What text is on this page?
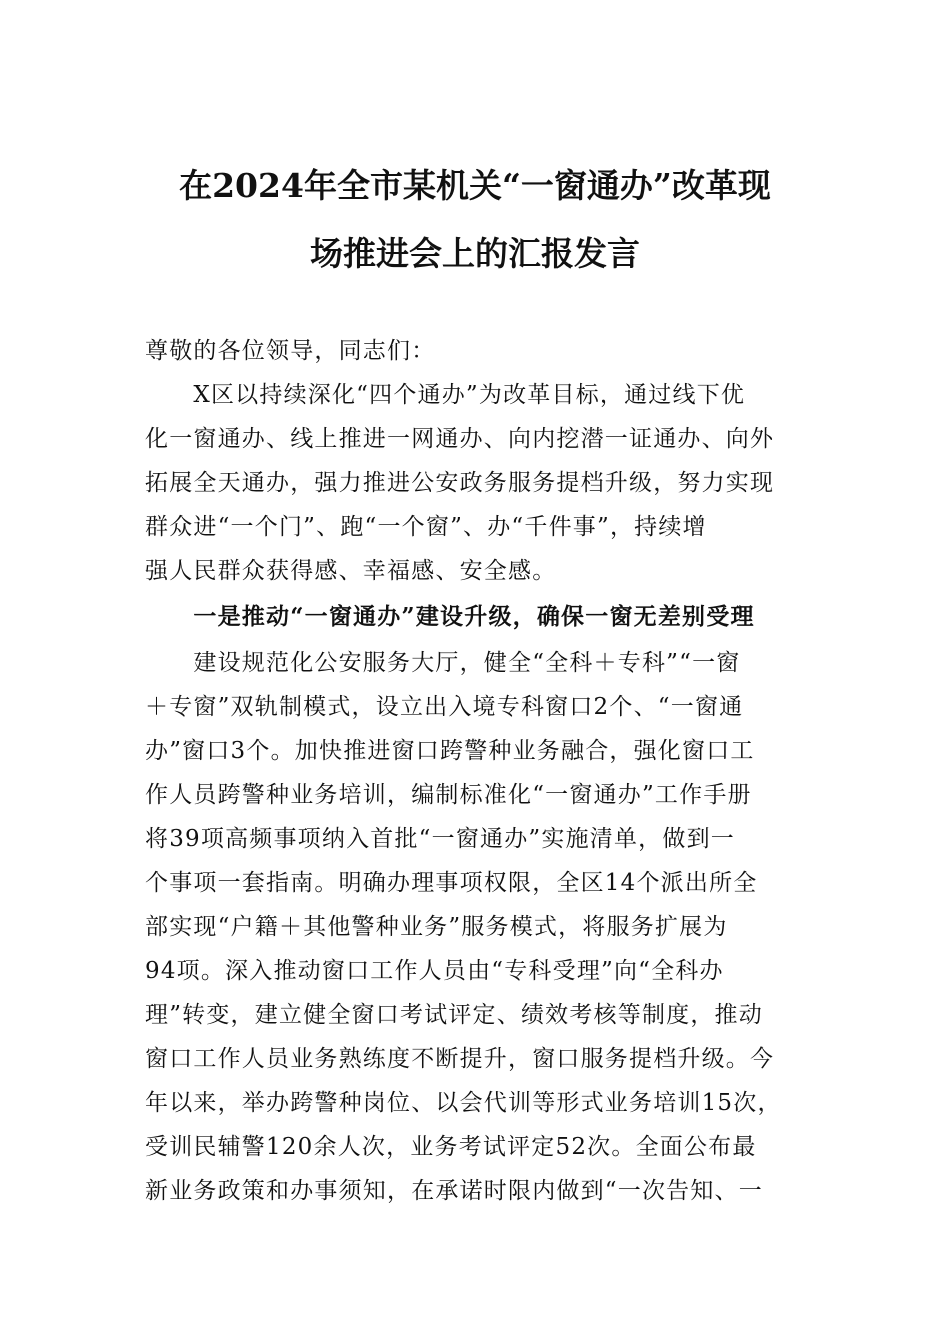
在2024年全市某机关“一窗通办”改革现
场推进会上的汇报发言
尊敬的各位领导，同志们：
　　X区以持续深化“四个通办”为改革目标，通过线下优
化一窗通办、线上推进一网通办、向内挖潜一证通办、向外
拓展全天通办，强力推进公安政务服务提档升级，努力实现
群众进“一个门”、跑“一个窗”、办“千件事”，持续增
强人民群众获得感、幸福感、安全感。
　　一是推动“一窗通办”建设升级，确保一窗无差别受理
　　建设规范化公安服务大厅，健全“全科＋专科”“一窗
＋专窗”双轨制模式，设立出入境专科窗口2个、“一窗通
办”窗口3个。加快推进窗口跨警种业务融合，强化窗口工
作人员跨警种业务培训，编制标准化“一窗通办”工作手册
将39项高频事项纳入首批“一窗通办”实施清单，做到一
个事项一套指南。明确办理事项权限，全区14个派出所全
部实现“户籍＋其他警种业务”服务模式，将服务扩展为
94项。深入推动窗口工作人员由“专科受理”向“全科办
理”转变，建立健全窗口考试评定、绩效考核等制度，推动
窗口工作人员业务熟练度不断提升，窗口服务提档升级。今
年以来，举办跨警种岗位、以会代训等形式业务培训15次，
受训民辅警120余人次，业务考试评定52次。全面公布最
新业务政策和办事须知，在承诺时限内做到“一次告知、一
